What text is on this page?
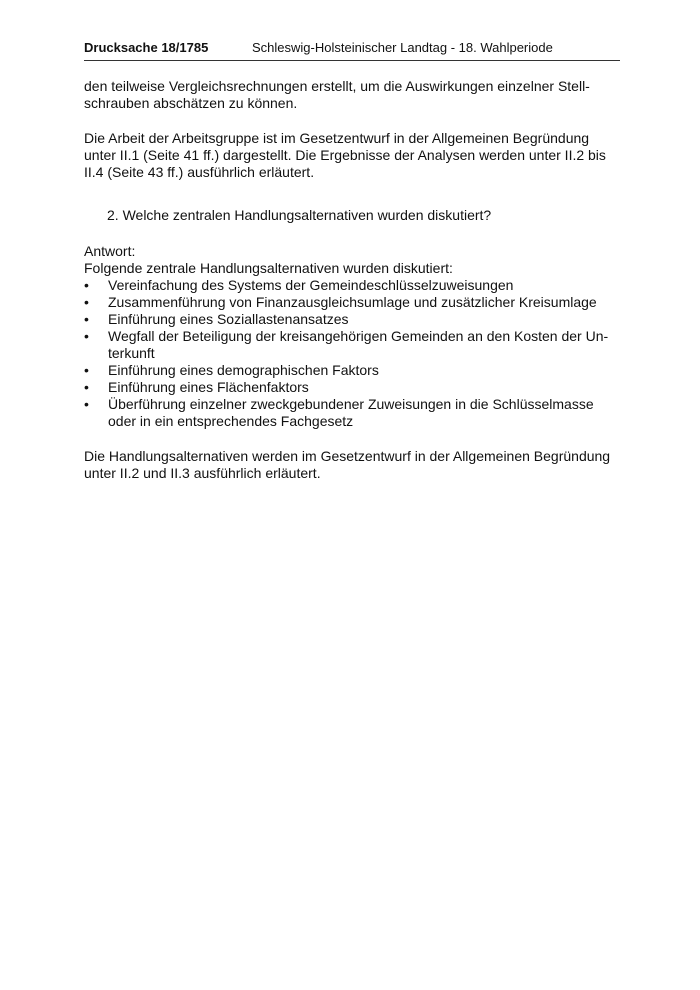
Drucksache 18/1785	Schleswig-Holsteinischer Landtag - 18. Wahlperiode

den teilweise Vergleichsrechnungen erstellt, um die Auswirkungen einzelner Stell-
schrauben abschätzen zu können.

Die Arbeit der Arbeitsgruppe ist im Gesetzentwurf in der Allgemeinen Begründung
unter II.1 (Seite 41 ff.) dargestellt. Die Ergebnisse der Analysen werden unter II.2 bis
II.4 (Seite 43 ff.) ausführlich erläutert.

2. Welche zentralen Handlungsalternativen wurden diskutiert?

Antwort:

Folgende zentrale Handlungsalternativen wurden diskutiert:

• Vereinfachung des Systems der Gemeindeschlüsselzuweisungen
• Zusammenführung von Finanzausgleichsumlage und zusätzlicher Kreisumlage
• Einführung eines Soziallastenansatzes
• Wegfall der Beteiligung der kreisangehörigen Gemeinden an den Kosten der Un-
terkunft
• Einführung eines demographischen Faktors
• Einführung eines Flächenfaktors
• Überführung einzelner zweckgebundener Zuweisungen in die Schlüsselmasse
oder in ein entsprechendes Fachgesetz

Die Handlungsalternativen werden im Gesetzentwurf in der Allgemeinen Begründung
unter II.2 und II.3 ausführlich erläutert.
